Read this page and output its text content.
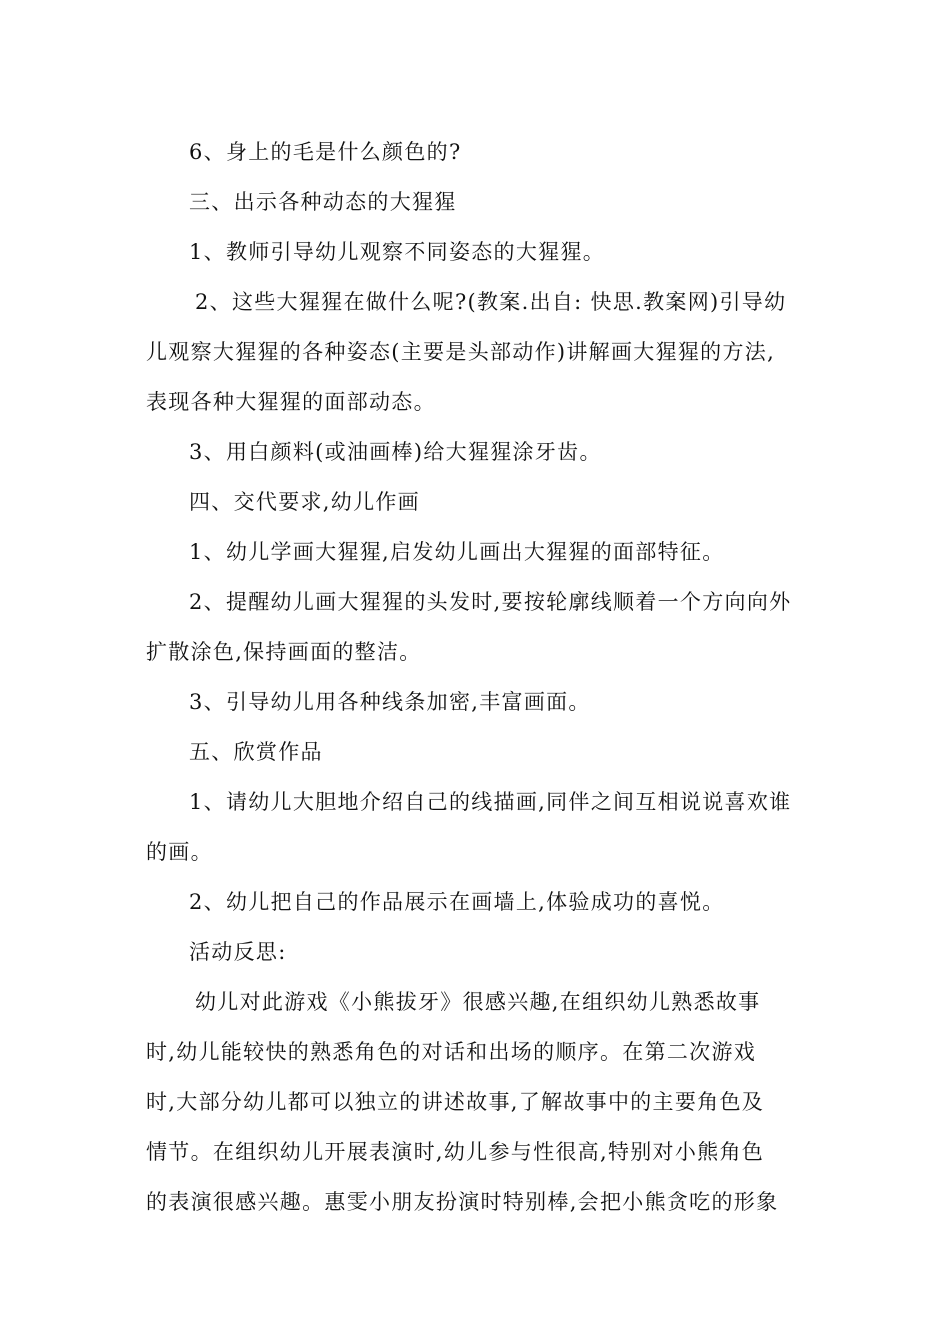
6、身上的毛是什么颜色的?
三、出示各种动态的大猩猩
1、教师引导幼儿观察不同姿态的大猩猩。
2、这些大猩猩在做什么呢?(教案.出自: 快思.教案网)引导幼
儿观察大猩猩的各种姿态(主要是头部动作)讲解画大猩猩的方法,
表现各种大猩猩的面部动态。
3、用白颜料(或油画棒)给大猩猩涂牙齿。
四、交代要求,幼儿作画
1、幼儿学画大猩猩,启发幼儿画出大猩猩的面部特征。
2、提醒幼儿画大猩猩的头发时,要按轮廓线顺着一个方向向外
扩散涂色,保持画面的整洁。
3、引导幼儿用各种线条加密,丰富画面。
五、欣赏作品
1、请幼儿大胆地介绍自己的线描画,同伴之间互相说说喜欢谁
的画。
2、幼儿把自己的作品展示在画墙上,体验成功的喜悦。
活动反思:
幼儿对此游戏《小熊拔牙》很感兴趣,在组织幼儿熟悉故事
时,幼儿能较快的熟悉角色的对话和出场的顺序。在第二次游戏
时,大部分幼儿都可以独立的讲述故事,了解故事中的主要角色及
情节。在组织幼儿开展表演时,幼儿参与性很高,特别对小熊角色
的表演很感兴趣。惠雯小朋友扮演时特别棒,会把小熊贪吃的形象
